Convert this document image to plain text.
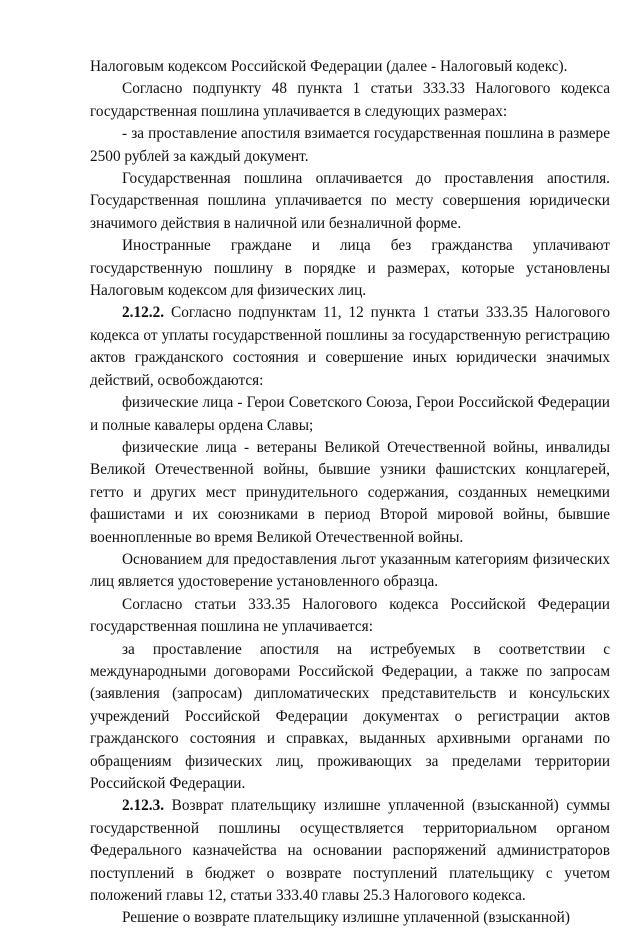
Налоговым кодексом Российской Федерации (далее - Налоговый кодекс).

Согласно подпункту 48 пункта 1 статьи 333.33 Налогового кодекса государственная пошлина уплачивается в следующих размерах:

- за проставление апостиля взимается государственная пошлина в размере 2500 рублей за каждый документ.

Государственная пошлина оплачивается до проставления апостиля. Государственная пошлина уплачивается по месту совершения юридически значимого действия в наличной или безналичной форме.

Иностранные граждане и лица без гражданства уплачивают государственную пошлину в порядке и размерах, которые установлены Налоговым кодексом для физических лиц.

2.12.2. Согласно подпунктам 11, 12 пункта 1 статьи 333.35 Налогового кодекса от уплаты государственной пошлины за государственную регистрацию актов гражданского состояния и совершение иных юридически значимых действий, освобождаются:

физические лица - Герои Советского Союза, Герои Российской Федерации и полные кавалеры ордена Славы;

физические лица - ветераны Великой Отечественной войны, инвалиды Великой Отечественной войны, бывшие узники фашистских концлагерей, гетто и других мест принудительного содержания, созданных немецкими фашистами и их союзниками в период Второй мировой войны, бывшие военнопленные во время Великой Отечественной войны.

Основанием для предоставления льгот указанным категориям физических лиц является удостоверение установленного образца.

Согласно статьи 333.35 Налогового кодекса Российской Федерации государственная пошлина не уплачивается:

за проставление апостиля на истребуемых в соответствии с международными договорами Российской Федерации, а также по запросам (заявления (запросам) дипломатических представительств и консульских учреждений Российской Федерации документах о регистрации актов гражданского состояния и справках, выданных архивными органами по обращениям физических лиц, проживающих за пределами территории Российской Федерации.

2.12.3. Возврат плательщику излишне уплаченной (взысканной) суммы государственной пошлины осуществляется территориальном органом Федерального казначейства на основании распоряжений администраторов поступлений в бюджет о возврате поступлений плательщику с учетом положений главы 12, статьи 333.40 главы 25.3 Налогового кодекса.

Решение о возврате плательщику излишне уплаченной (взысканной)
